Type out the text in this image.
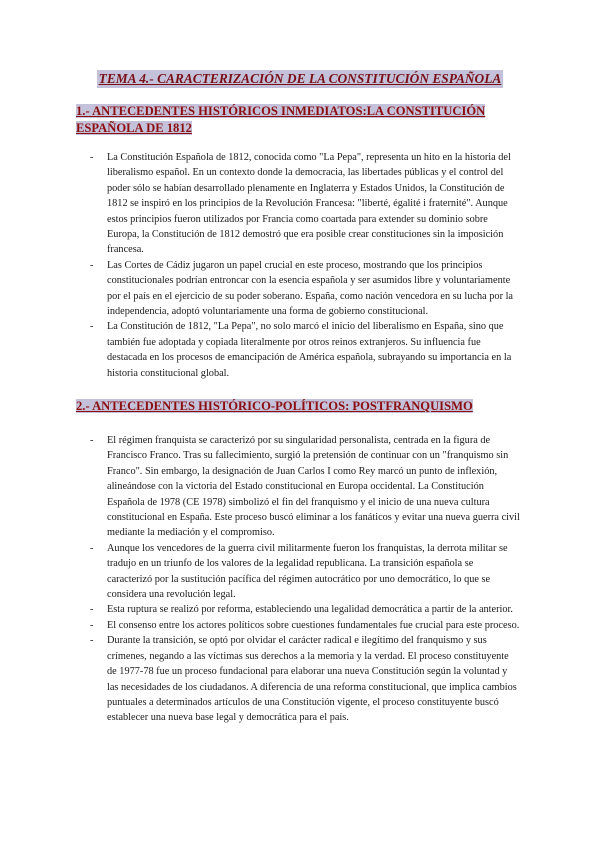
TEMA 4.- CARACTERIZACIÓN DE LA CONSTITUCIÓN ESPAÑOLA
1.- ANTECEDENTES HISTÓRICOS INMEDIATOS:LA CONSTITUCIÓN ESPAÑOLA DE 1812
- La Constitución Española de 1812, conocida como "La Pepa", representa un hito en la historia del liberalismo español. En un contexto donde la democracia, las libertades públicas y el control del poder sólo se habían desarrollado plenamente en Inglaterra y Estados Unidos, la Constitución de 1812 se inspiró en los principios de la Revolución Francesa: "liberté, égalité i fraternité". Aunque estos principios fueron utilizados por Francia como coartada para extender su dominio sobre Europa, la Constitución de 1812 demostró que era posible crear constituciones sin la imposición francesa.
- Las Cortes de Cádiz jugaron un papel crucial en este proceso, mostrando que los principios constitucionales podrían entroncar con la esencia española y ser asumidos libre y voluntariamente por el país en el ejercicio de su poder soberano. España, como nación vencedora en su lucha por la independencia, adoptó voluntariamente una forma de gobierno constitucional.
- La Constitución de 1812, "La Pepa", no solo marcó el inicio del liberalismo en España, sino que también fue adoptada y copiada literalmente por otros reinos extranjeros. Su influencia fue destacada en los procesos de emancipación de América española, subrayando su importancia en la historia constitucional global.
2.- ANTECEDENTES HISTÓRICO-POLÍTICOS: POSTFRANQUISMO
- El régimen franquista se caracterizó por su singularidad personalista, centrada en la figura de Francisco Franco. Tras su fallecimiento, surgió la pretensión de continuar con un "franquismo sin Franco". Sin embargo, la designación de Juan Carlos I como Rey marcó un punto de inflexión, alineándose con la victoria del Estado constitucional en Europa occidental. La Constitución Española de 1978 (CE 1978) simbolizó el fin del franquismo y el inicio de una nueva cultura constitucional en España. Este proceso buscó eliminar a los fanáticos y evitar una nueva guerra civil mediante la mediación y el compromiso.
- Aunque los vencedores de la guerra civil militarmente fueron los franquistas, la derrota militar se tradujo en un triunfo de los valores de la legalidad republicana. La transición española se caracterizó por la sustitución pacífica del régimen autocrático por uno democrático, lo que se considera una revolución legal.
- Esta ruptura se realizó por reforma, estableciendo una legalidad democrática a partir de la anterior.
- El consenso entre los actores políticos sobre cuestiones fundamentales fue crucial para este proceso.
- Durante la transición, se optó por olvidar el carácter radical e ilegítimo del franquismo y sus crímenes, negando a las víctimas sus derechos a la memoria y la verdad. El proceso constituyente de 1977-78 fue un proceso fundacional para elaborar una nueva Constitución según la voluntad y las necesidades de los ciudadanos. A diferencia de una reforma constitucional, que implica cambios puntuales a determinados artículos de una Constitución vigente, el proceso constituyente buscó establecer una nueva base legal y democrática para el país.
